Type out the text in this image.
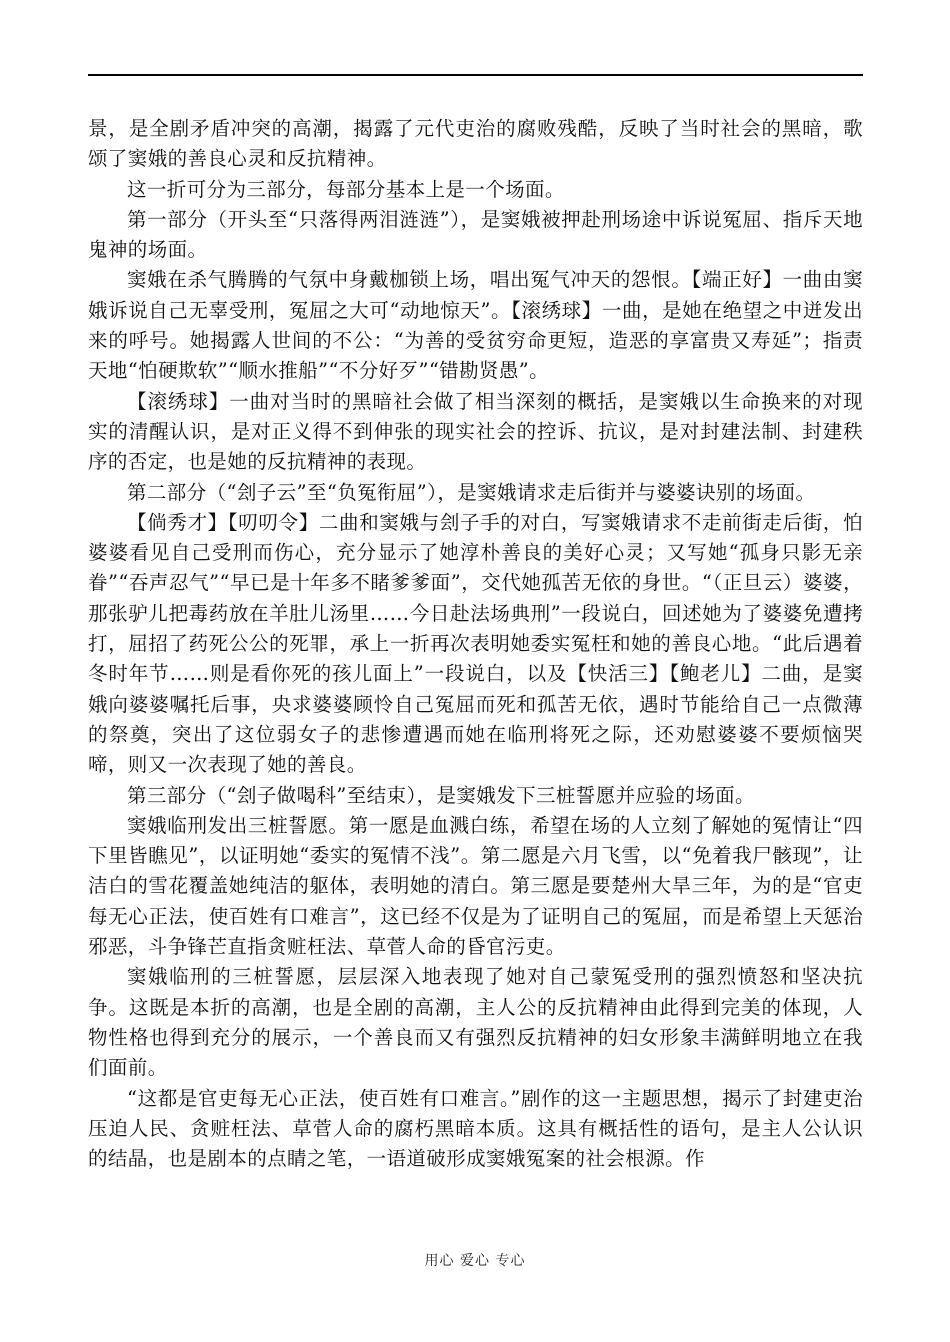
景，是全剧矛盾冲突的高潮，揭露了元代吏治的腐败残酷，反映了当时社会的黑暗，歌颂了窦娥的善良心灵和反抗精神。

这一折可分为三部分，每部分基本上是一个场面。

第一部分（开头至“只落得两泪涟涟”），是窦娥被押赴刑场途中诉说冤屈、指斥天地鬼神的场面。

窦娥在杀气腾腾的气氛中身戴枷锁上场，唱出冤气冲天的怨恨。【端正好】一曲由窦娥诉说自己无辜受刑，冤屈之大可“动地惊天”。【滚绣球】一曲，是她在绝望之中迸发出来的呼号。她揭露人世间的不公：“为善的受贫穷命更短，造恶的享富贵又寿延”；指责天地“怕硬欺软”“顺水推船”“不分好歹”“错勘贤愚”。

【滚绣球】一曲对当时的黑暗社会做了相当深刻的概括，是窦娥以生命换来的对现实的清醒认识，是对正义得不到伸张的现实社会的控诉、抗议，是对封建法制、封建秩序的否定，也是她的反抗精神的表现。

第二部分（“刽子云”至“负冤衔屈”），是窦娥请求走后街并与婆婆诀别的场面。

【倘秀才】【叨叨令】二曲和窦娥与刽子手的对白，写窦娥请求不走前街走后街，怕婆婆看见自己受刑而伤心，充分显示了她淳朴善良的美好心灵；又写她“孤身只影无亲眷”“吞声忍气”“早已是十年多不睹爹爹面”，交代她孤苦无依的身世。“（正旦云）婆婆，那张驴儿把毒药放在羊肚儿汤里……今日赴法场典刑”一段说白，回述她为了婆婆免遭拷打，屈招了药死公公的死罪，承上一折再次表明她委实冤枉和她的善良心地。“此后遇着冬时年节……则是看你死的孩儿面上”一段说白，以及【快活三】【鲍老儿】二曲，是窦娥向婆婆嘱托后事，央求婆婆顾怜自己冤屈而死和孤苦无依，遇时节能给自己一点微薄的祭奠，突出了这位弱女子的悲惨遭遇而她在临刑将死之际，还劝慰婆婆不要烦恼哭啼，则又一次表现了她的善良。

第三部分（“刽子做喝科”至结束），是窦娥发下三桩誓愿并应验的场面。

窦娥临刑发出三桩誓愿。第一愿是血溅白练，希望在场的人立刻了解她的冤情让“四下里皆瞧见”，以证明她“委实的冤情不浅”。第二愿是六月飞雪，以“免着我尸骸现”，让洁白的雪花覆盖她纯洁的躯体，表明她的清白。第三愿是要楚州大旱三年，为的是“官吏每无心正法，使百姓有口难言”，这已经不仅是为了证明自己的冤屈，而是希望上天惩治邪恶，斗争锋芒直指贪赃枉法、草菅人命的昏官污吏。

窦娥临刑的三桩誓愿，层层深入地表现了她对自己蒙冤受刑的强烈愤怒和坚决抗争。这既是本折的高潮，也是全剧的高潮，主人公的反抗精神由此得到完美的体现，人物性格也得到充分的展示，一个善良而又有强烈反抗精神的妇女形象丰满鲜明地立在我们面前。

“这都是官吏每无心正法，使百姓有口难言。”剧作的这一主题思想，揭示了封建吏治压迫人民、贪赃枉法、草菅人命的腐朽黑暗本质。这具有概括性的语句，是主人公认识的结晶，也是剧本的点睛之笔，一语道破形成窦娥冤案的社会根源。作

用心 爱心 专心
